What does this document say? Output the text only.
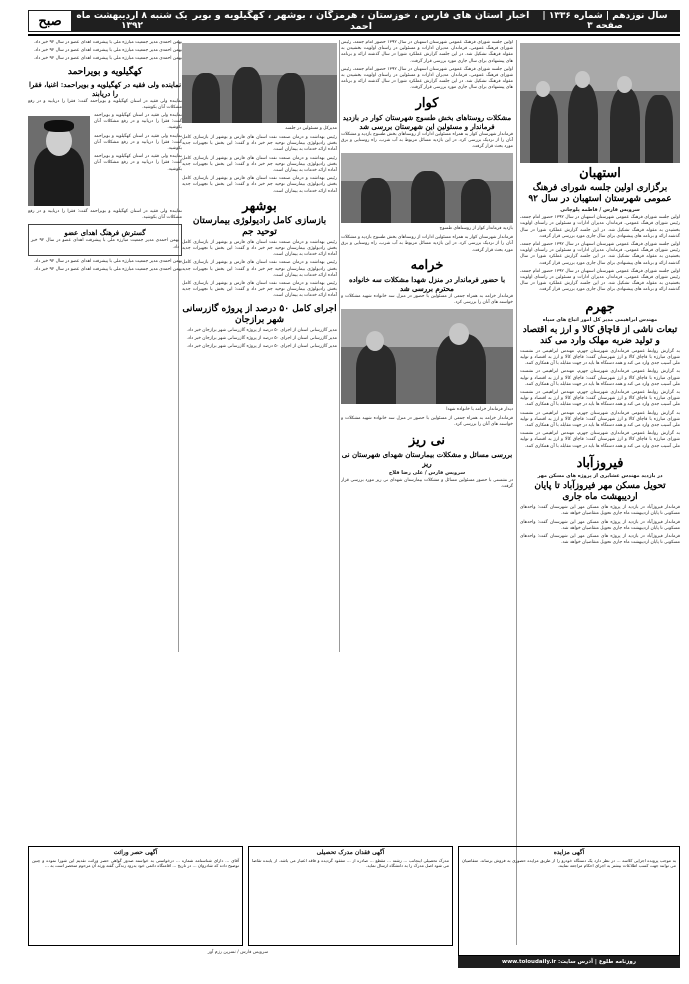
سال نوزدهم | شماره ۱۳۳۶ | صفحه ۳
اخبار استان های فارس ، خوزستان ، هرمزگان ، بوشهر ، کهگیلویه و بویر احمد
یک شنبه ۸ اردیبهشت ماه ۱۳۹۲
صبح
استهبان
برگزاری اولین جلسه شورای فرهنگ عمومی شهرستان استهبان در سال ۹۲
سرویس فارس / فاطمه پلوچانی
اولین جلسه شورای فرهنگ عمومی شهرستان استهبان در سال ۱۳۹۲ حضور امام جمعه، رئیس شورای فرهنگ عمومی، فرماندار، مدیران ادارات و مسئولین در راستای اولویت بخشیدن به مقوله فرهنگ تشکیل شد. در این جلسه گزارش عملکرد شورا در سال گذشته ارائه و برنامه های پیشنهادی برای سال جاری مورد بررسی قرار گرفت.
اولین جلسه شورای فرهنگ عمومی شهرستان استهبان در سال ۱۳۹۲ حضور امام جمعه، رئیس شورای فرهنگ عمومی، فرماندار، مدیران ادارات و مسئولین در راستای اولویت بخشیدن به مقوله فرهنگ تشکیل شد. در این جلسه گزارش عملکرد شورا در سال گذشته ارائه و برنامه های پیشنهادی برای سال جاری مورد بررسی قرار گرفت.
اولین جلسه شورای فرهنگ عمومی شهرستان استهبان در سال ۱۳۹۲ حضور امام جمعه، رئیس شورای فرهنگ عمومی، فرماندار، مدیران ادارات و مسئولین در راستای اولویت بخشیدن به مقوله فرهنگ تشکیل شد. در این جلسه گزارش عملکرد شورا در سال گذشته ارائه و برنامه های پیشنهادی برای سال جاری مورد بررسی قرار گرفت.
جهرم
مهندس ابراهیمی مدیر کل امور اتباع های سپاه
تبعات ناشی از قاچاق کالا و ارز به اقتصاد و تولید ضربه مهلک وارد می کند
به گزارش روابط عمومی فرمانداری شهرستان جهرم، مهندس ابراهیمی در نشست شورای مبارزه با قاچاق کالا و ارز شهرستان گفت: قاچاق کالا و ارز به اقتصاد و تولید ملی آسیب جدی وارد می کند و همه دستگاه ها باید در جهت مقابله با آن همکاری کنند.
به گزارش روابط عمومی فرمانداری شهرستان جهرم، مهندس ابراهیمی در نشست شورای مبارزه با قاچاق کالا و ارز شهرستان گفت: قاچاق کالا و ارز به اقتصاد و تولید ملی آسیب جدی وارد می کند و همه دستگاه ها باید در جهت مقابله با آن همکاری کنند.
به گزارش روابط عمومی فرمانداری شهرستان جهرم، مهندس ابراهیمی در نشست شورای مبارزه با قاچاق کالا و ارز شهرستان گفت: قاچاق کالا و ارز به اقتصاد و تولید ملی آسیب جدی وارد می کند و همه دستگاه ها باید در جهت مقابله با آن همکاری کنند.
به گزارش روابط عمومی فرمانداری شهرستان جهرم، مهندس ابراهیمی در نشست شورای مبارزه با قاچاق کالا و ارز شهرستان گفت: قاچاق کالا و ارز به اقتصاد و تولید ملی آسیب جدی وارد می کند و همه دستگاه ها باید در جهت مقابله با آن همکاری کنند.
به گزارش روابط عمومی فرمانداری شهرستان جهرم، مهندس ابراهیمی در نشست شورای مبارزه با قاچاق کالا و ارز شهرستان گفت: قاچاق کالا و ارز به اقتصاد و تولید ملی آسیب جدی وارد می کند و همه دستگاه ها باید در جهت مقابله با آن همکاری کنند.
فیروزآباد
در بازدید مهندس عشایری از پروژه های مسکن مهر
تحویل مسکن مهر فیروزآباد تا پایان اردیبهشت ماه جاری
فرماندار فیروزآباد در بازدید از پروژه های مسکن مهر این شهرستان گفت: واحدهای مسکونی تا پایان اردیبهشت ماه جاری تحویل متقاضیان خواهد شد.
فرماندار فیروزآباد در بازدید از پروژه های مسکن مهر این شهرستان گفت: واحدهای مسکونی تا پایان اردیبهشت ماه جاری تحویل متقاضیان خواهد شد.
فرماندار فیروزآباد در بازدید از پروژه های مسکن مهر این شهرستان گفت: واحدهای مسکونی تا پایان اردیبهشت ماه جاری تحویل متقاضیان خواهد شد.
اولین جلسه شورای فرهنگ عمومی شهرستان استهبان در سال ۱۳۹۲ حضور امام جمعه، رئیس شورای فرهنگ عمومی، فرماندار، مدیران ادارات و مسئولین در راستای اولویت بخشیدن به مقوله فرهنگ تشکیل شد. در این جلسه گزارش عملکرد شورا در سال گذشته ارائه و برنامه های پیشنهادی برای سال جاری مورد بررسی قرار گرفت.
اولین جلسه شورای فرهنگ عمومی شهرستان استهبان در سال ۱۳۹۲ حضور امام جمعه، رئیس شورای فرهنگ عمومی، فرماندار، مدیران ادارات و مسئولین در راستای اولویت بخشیدن به مقوله فرهنگ تشکیل شد. در این جلسه گزارش عملکرد شورا در سال گذشته ارائه و برنامه های پیشنهادی برای سال جاری مورد بررسی قرار گرفت.
کوار
مشکلات روستاهای بخش طسوج شهرستان کوار در بازدید فرماندار و مسئولین این شهرستان بررسی شد
فرماندار شهرستان کوار به همراه مسئولین ادارات از روستاهای بخش طسوج بازدید و مشکلات آنان را از نزدیک بررسی کرد. در این بازدید مسائل مربوط به آب شرب، راه روستایی و برق مورد بحث قرار گرفت.
بازدید فرماندار کوار از روستاهای طسوج
فرماندار شهرستان کوار به همراه مسئولین ادارات از روستاهای بخش طسوج بازدید و مشکلات آنان را از نزدیک بررسی کرد. در این بازدید مسائل مربوط به آب شرب، راه روستایی و برق مورد بحث قرار گرفت.
خرامه
با حضور فرماندار در منزل شهدا مشکلات سه خانواده محترم بررسی شد
فرماندار خرامه به همراه جمعی از مسئولین با حضور در منزل سه خانواده شهید مشکلات و خواسته های آنان را بررسی کرد.
دیدار فرماندار خرامه با خانواده شهدا
فرماندار خرامه به همراه جمعی از مسئولین با حضور در منزل سه خانواده شهید مشکلات و خواسته های آنان را بررسی کرد.
نی ریز
بررسی مسائل و مشکلات بیمارستان شهدای شهرستان نی ریز
سرویس فارس / علی رضا فلاح
در نشستی با حضور مسئولین مسائل و مشکلات بیمارستان شهدای نی ریز مورد بررسی قرار گرفت.
مدیرکل و مسئولین در جلسه
رئیس بهداشت و درمان صنعت نفت استان های فارس و بوشهر از بازسازی کامل بخش رادیولوژی بیمارستان توحید جم خبر داد و گفت: این بخش با تجهیزات جدید آماده ارائه خدمات به بیماران است.
رئیس بهداشت و درمان صنعت نفت استان های فارس و بوشهر از بازسازی کامل بخش رادیولوژی بیمارستان توحید جم خبر داد و گفت: این بخش با تجهیزات جدید آماده ارائه خدمات به بیماران است.
رئیس بهداشت و درمان صنعت نفت استان های فارس و بوشهر از بازسازی کامل بخش رادیولوژی بیمارستان توحید جم خبر داد و گفت: این بخش با تجهیزات جدید آماده ارائه خدمات به بیماران است.
بوشهر
بازسازی کامل رادیولوژی بیمارستان توحید جم
رئیس بهداشت و درمان صنعت نفت استان های فارس و بوشهر از بازسازی کامل بخش رادیولوژی بیمارستان توحید جم خبر داد و گفت: این بخش با تجهیزات جدید آماده ارائه خدمات به بیماران است.
رئیس بهداشت و درمان صنعت نفت استان های فارس و بوشهر از بازسازی کامل بخش رادیولوژی بیمارستان توحید جم خبر داد و گفت: این بخش با تجهیزات جدید آماده ارائه خدمات به بیماران است.
رئیس بهداشت و درمان صنعت نفت استان های فارس و بوشهر از بازسازی کامل بخش رادیولوژی بیمارستان توحید جم خبر داد و گفت: این بخش با تجهیزات جدید آماده ارائه خدمات به بیماران است.
اجرای کامل ۵۰ درصد از پروژه گازرسانی شهر برازجان
مدیر گازرسانی استان از اجرای ۵۰ درصد از پروژه گازرسانی شهر برازجان خبر داد.
مدیر گازرسانی استان از اجرای ۵۰ درصد از پروژه گازرسانی شهر برازجان خبر داد.
مدیر گازرسانی استان از اجرای ۵۰ درصد از پروژه گازرسانی شهر برازجان خبر داد.
بهمن احمدی مدیر جمعیت مبارزه ملی با پیشرفت اهدای عضو در سال ۹۲ خبر داد.
بهمن احمدی مدیر جمعیت مبارزه ملی با پیشرفت اهدای عضو در سال ۹۲ خبر داد.
بهمن احمدی مدیر جمعیت مبارزه ملی با پیشرفت اهدای عضو در سال ۹۲ خبر داد.
کهگیلویه و بویراحمد
نماینده ولی فقیه در کهگیلویه و بویراحمد: اغنیا، فقرا را دریابند
نماینده ولی فقیه در استان کهگیلویه و بویراحمد گفت: فقرا را دریابید و در رفع مشکلات آنان بکوشید.
نماینده ولی فقیه در استان کهگیلویه و بویراحمد گفت: فقرا را دریابید و در رفع مشکلات آنان بکوشید.
نماینده ولی فقیه در استان کهگیلویه و بویراحمد گفت: فقرا را دریابید و در رفع مشکلات آنان بکوشید.
نماینده ولی فقیه در استان کهگیلویه و بویراحمد گفت: فقرا را دریابید و در رفع مشکلات آنان بکوشید.
نماینده ولی فقیه در استان کهگیلویه و بویراحمد گفت: فقرا را دریابید و در رفع مشکلات آنان بکوشید.
گسترش فرهنگ اهدای عضو
بهمن احمدی مدیر جمعیت مبارزه ملی با پیشرفت اهدای عضو در سال ۹۲ خبر داد.
بهمن احمدی مدیر جمعیت مبارزه ملی با پیشرفت اهدای عضو در سال ۹۲ خبر داد.
بهمن احمدی مدیر جمعیت مبارزه ملی با پیشرفت اهدای عضو در سال ۹۲ خبر داد.
آگهی حصر وراثت
آقای ... دارای شناسنامه شماره ... درخواستی به خواسته صدور گواهی حصر وراثت تقدیم این شورا نموده و چنین توضیح داده که شادروان ... در تاریخ ... اقامتگاه دائمی خود بدرود زندگی گفته ورثه آن مرحوم منحصر است به ...
آگهی فقدان مدرک تحصیلی
مدرک تحصیلی اینجانب ... رشته ... مقطع ... صادره از ... مفقود گردیده و فاقد اعتبار می باشد. از یابنده تقاضا می شود اصل مدرک را به دانشگاه ارسال نماید.
آگهی مزایده
به موجب پرونده اجرایی کلاسه ... در نظر دارد یک دستگاه خودرو را از طریق مزایده حضوری به فروش برساند. متقاضیان می توانند جهت کسب اطلاعات بیشتر به اجرای احکام مراجعه نمایند.
روزنامه طلوع | آدرس سایت: www.toloudaily.ir
سرویس فارس / نسرین رزم آور
